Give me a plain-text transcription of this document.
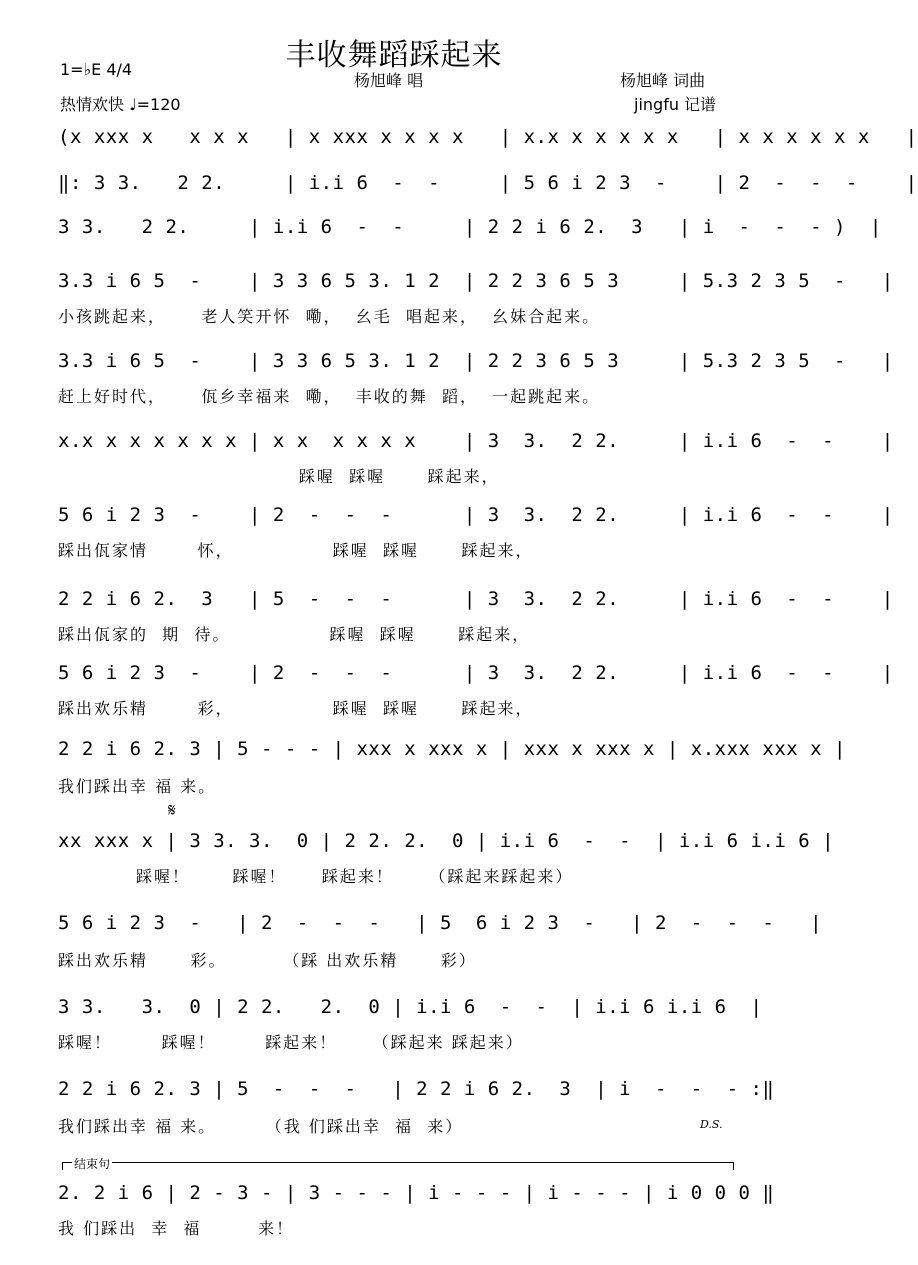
丰收舞蹈踩起来
1=♭E 4/4
热情欢快 ♩=120
杨旭峰 唱	杨旭峰 词曲
jingfu 记谱
(x xxx x   x x x   | x xxx x x x x   | x.x x x x x x   | x x x x x x   |
‖: 3 3.   2 2.     | i.i 6  -  -     | 5 6 i 2 3  -    | 2  -  -  -    |
3 3.   2 2.     | i.i 6  -  -     | 2 2 i 6 2.  3   | i  -  -  - )  |
3.3 i 6 5  -    | 3 3 6 5 3. 1 2  | 2 2 3 6 5 3     | 5.3 2 3 5  -   |
小孩跳起来，     老人笑开怀  嘞，  幺毛  唱起来，  幺妹合起来。
3.3 i 6 5  -    | 3 3 6 5 3. 1 2  | 2 2 3 6 5 3     | 5.3 2 3 5  -   |
赶上好时代，     佤乡幸福来  嘞，  丰收的舞  蹈，  一起跳起来。
x.x x x x x x x | x x  x x x x    | 3  3.  2 2.     | i.i 6  -  -    |
踩喔  踩喔      踩起来，
5 6 i 2 3  -    | 2  -  -  -      | 3  3.  2 2.     | i.i 6  -  -    |
踩出佤家情       怀，              踩喔  踩喔      踩起来，
2 2 i 6 2.  3   | 5  -  -  -      | 3  3.  2 2.     | i.i 6  -  -    |
踩出佤家的  期  待。              踩喔  踩喔      踩起来，
5 6 i 2 3  -    | 2  -  -  -      | 3  3.  2 2.     | i.i 6  -  -    |
踩出欢乐精       彩，              踩喔  踩喔      踩起来，
2 2 i 6 2. 3 | 5 - - - | xxx x xxx x | xxx x xxx x | x.xxx xxx x |
我们踩出幸 福 来。
𝄋
xx xxx x | 3 3. 3.  0 | 2 2. 2.  0 | i.i 6  -  -  | i.i 6 i.i 6 |
踩喔！      踩喔！     踩起来！     （踩起来踩起来）
5 6 i 2 3  -   | 2  -  -  -   | 5  6 i 2 3  -   | 2  -  -  -   |
踩出欢乐精      彩。        （踩 出欢乐精      彩）
3 3.   3.  0 | 2 2.   2.  0 | i.i 6  -  -  | i.i 6 i.i 6  |
踩喔！       踩喔！       踩起来！     （踩起来 踩起来）
2 2 i 6 2. 3 | 5  -  -  -   | 2 2 i 6 2.  3  | i  -  -  - :‖
我们踩出幸 福 来。       （我 们踩出幸  福  来）	D.S.
结束句
2. 2 i 6 | 2 - 3 - | 3 - - - | i - - - | i - - - | i 0 0 0 ‖
我 们踩出  幸  福        来！
